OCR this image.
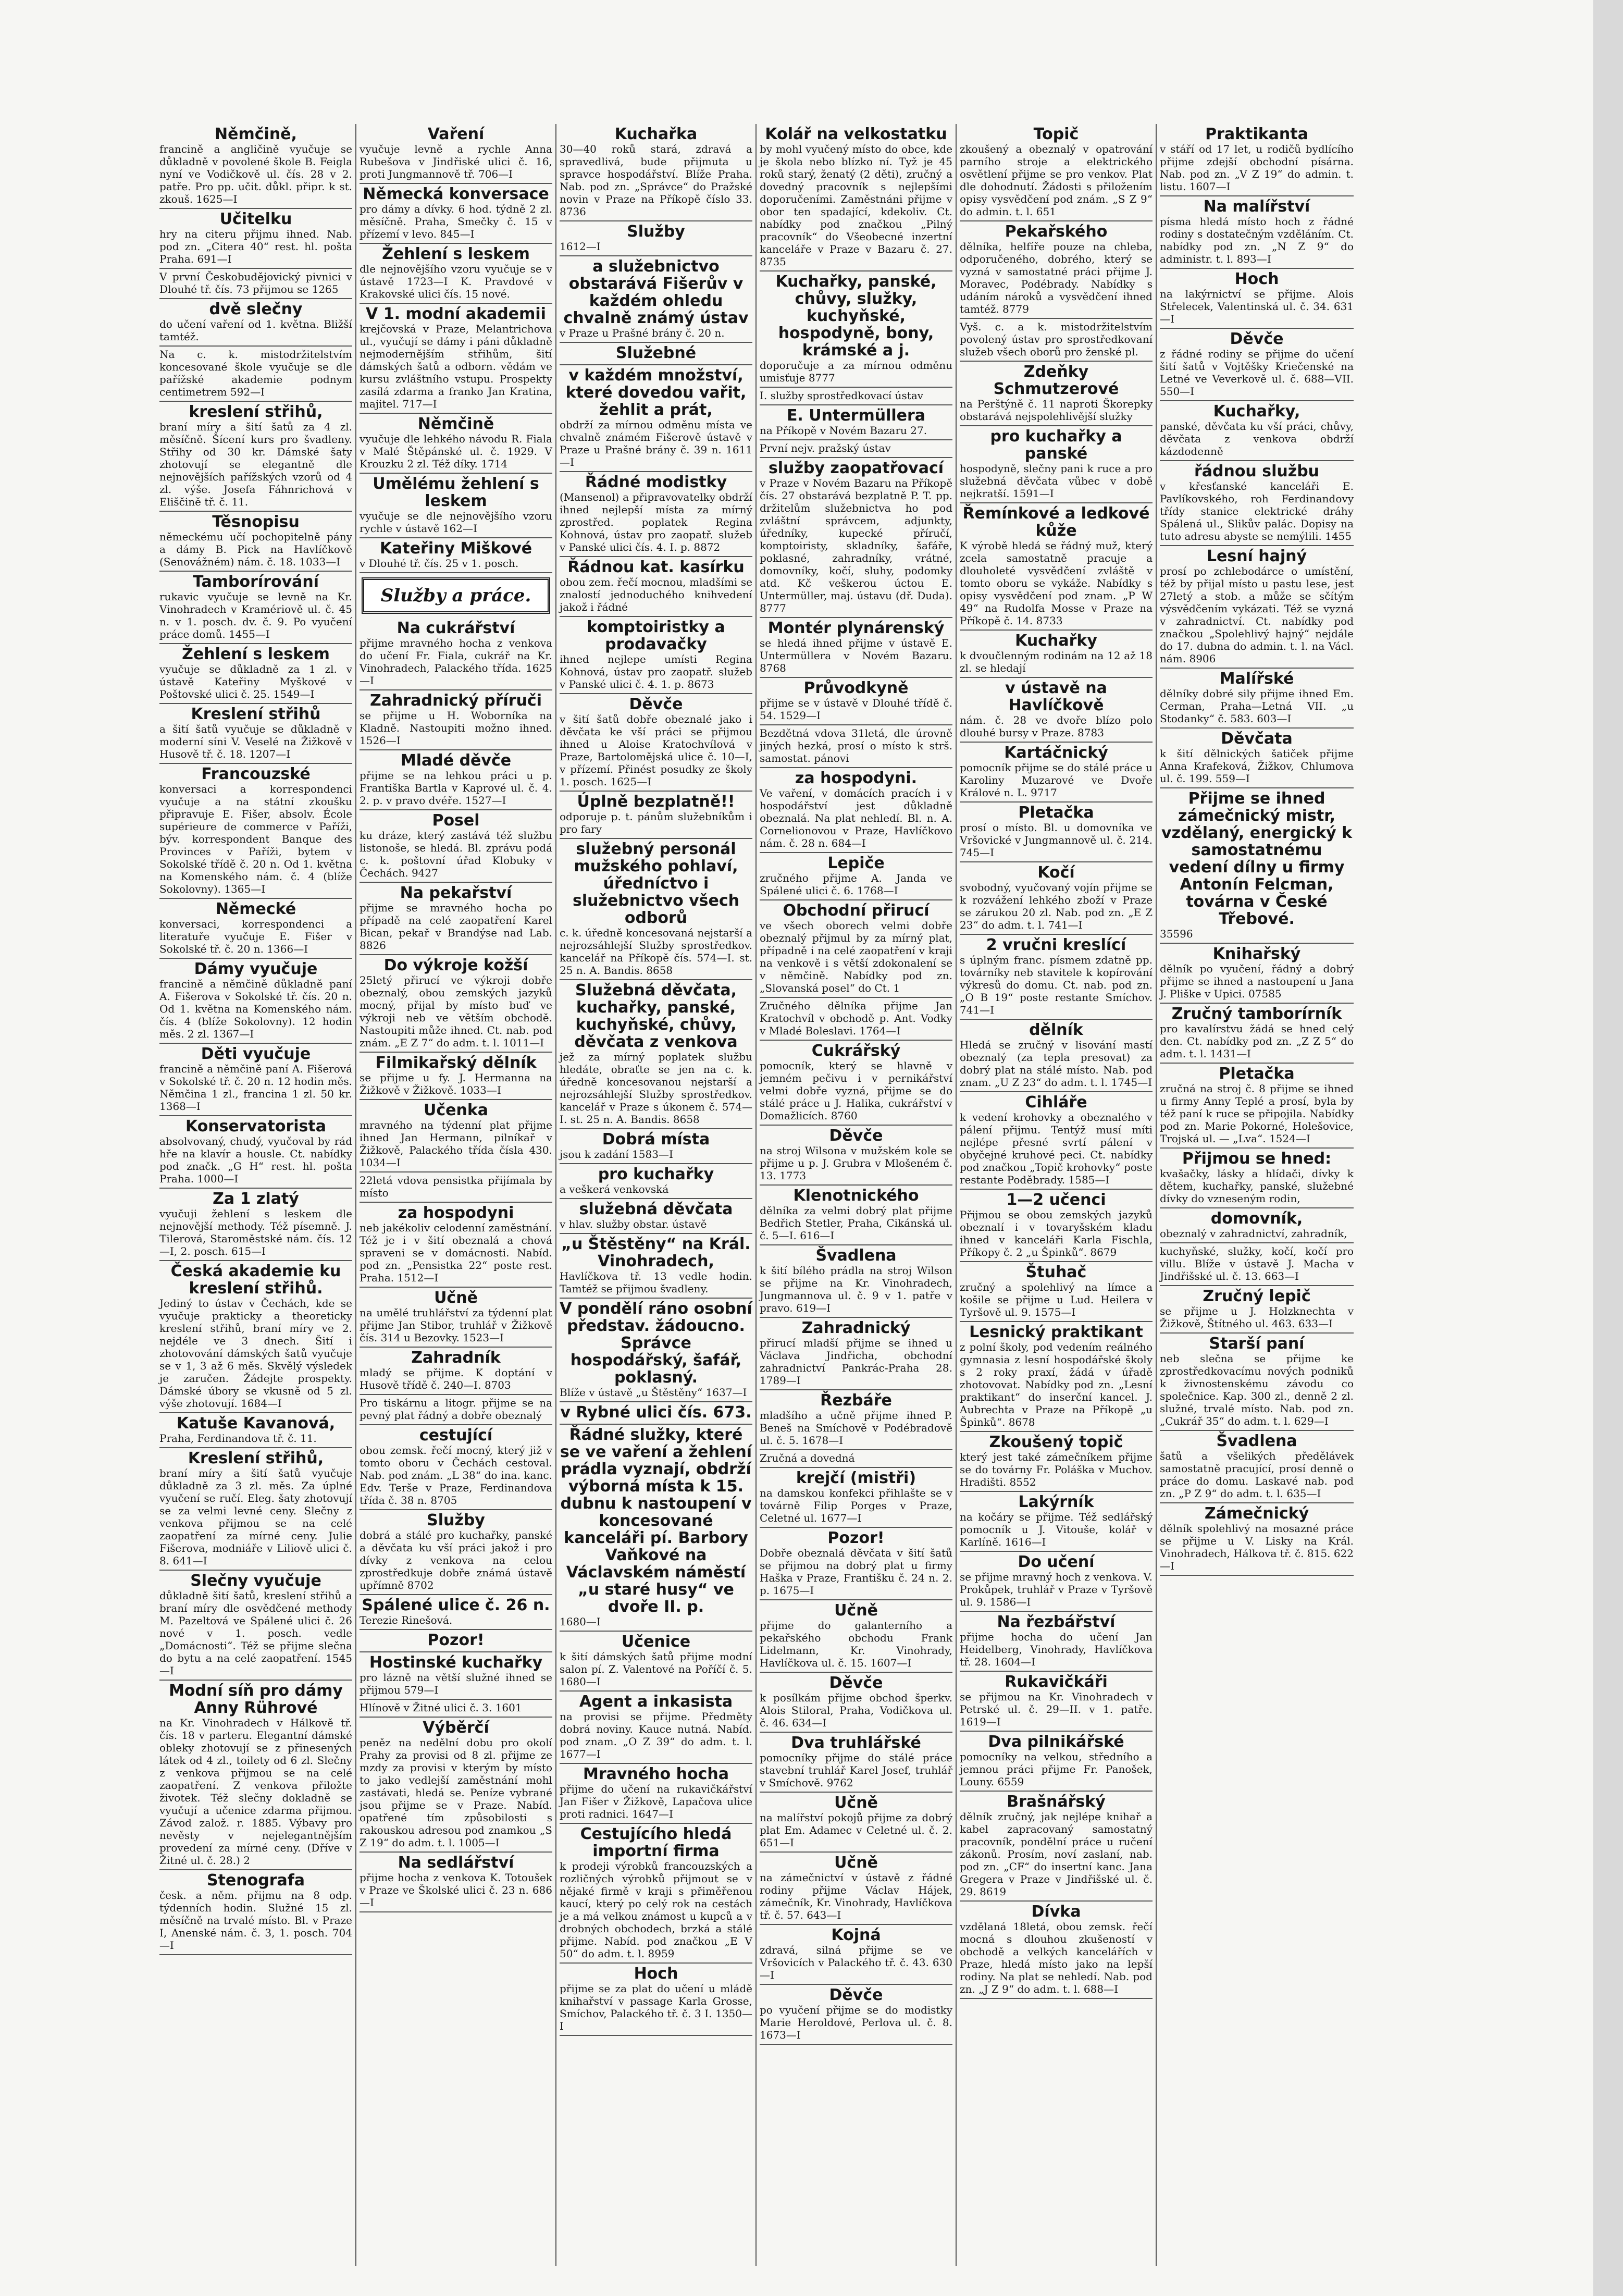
Němčině,

francině a angličině vyučuje se důkladně v povolené škole B. Feigla nyní ve Vodičkově ul. čís. 28 v 2. patře. Pro pp. učit. důkl. připr. k st. zkouš. 1625—I

Učitelku

hry na citeru přijmu ihned. Nab. pod zn. „Citera 40“ rest. hl. pošta Praha. 691—I

V první Českobudějovický pivnici v Dlouhé tř. čís. 73 přijmou se 1265

dvě slečny

do učení vaření od 1. května. Bližší tamtéž.

Na c. k. mistodržitelstvím koncesované škole vyučuje se dle pařížské akademie podnym centimetrem 592—I

kreslení střihů,

braní míry a šití šatů za 4 zl. měsíčně. Šícení kurs pro švadleny. Střihy od 30 kr. Dámské šaty zhotovují se elegantně dle nejnovějších pařížských vzorů od 4 zl. výše. Josefa Fáhnrichová v Eliščině tř. č. 11.

Těsnopisu

německému učí pochopitelně pány a dámy B. Pick na Havlíčkově (Senovážném) nám. č. 18. 1033—I

Tamborírování

rukavic vyučuje se levně na Kr. Vinohradech v Kramériově ul. č. 45 n. v 1. posch. dv. č. 9. Po vyučení práce domů. 1455—I

Žehlení s leskem

vyučuje se důkladně za 1 zl. v ústavě Kateřiny Myškové v Poštovské ulici č. 25. 1549—I

Kreslení střihů

a šití šatů vyučuje se důkladně v moderní síni V. Veselé na Žižkově v Husově tř. č. 18. 1207—I

Francouzské

konversaci a korrespondenci vyučuje a na státní zkoušku připravuje E. Fišer, absolv. École supérieure de commerce v Paříži, býv. korrespondent Banque des Provinces v Paříži, bytem v Sokolské třídě č. 20 n. Od 1. května na Komenského nám. č. 4 (blíže Sokolovny). 1365—I

Německé

konversaci, korrespondenci a literatuře vyučuje E. Fišer v Sokolské tř. č. 20 n. 1366—I

Dámy vyučuje

francině a němčině důkladně paní A. Fišerova v Sokolské tř. čís. 20 n. Od 1. května na Komenského nám. čís. 4 (blíže Sokolovny). 12 hodin měs. 2 zl. 1367—I

Děti vyučuje

francině a němčině paní A. Fišerová v Sokolské tř. č. 20 n. 12 hodin měs. Němčina 1 zl., francina 1 zl. 50 kr. 1368—I

Konservatoristа

absolvovaný, chudý, vyučoval by rád hře na klavír a housle. Ct. nabídky pod značk. „G H“ rest. hl. pošta Praha. 1000—I

Za 1 zlatý

vyučuji žehlení s leskem dle nejnovější methody. Též písemně. J. Tilerová, Staroměstské nám. čís. 12—I, 2. posch. 615—I

Česká akademie ku kreslení střihů.

Jediný to ústav v Čechách, kde se vyučuje prakticky a theoreticky kreslení střihů, braní míry ve 2. nejdéle ve 3 dnech. Šití i zhotovování dámských šatů vyučuje se v 1, 3 až 6 měs. Skvělý výsledek je zaručen. Žádejte prospekty. Dámské úbory se vkusně od 5 zl. výše zhotovují. 1684—I

Katuše Kavanová,

Praha, Ferdinandova tř. č. 11.

Kreslení střihů,

braní míry a šití šatů vyučuje důkladně za 3 zl. měs. Za úplné vyučení se ručí. Eleg. šaty zhotovují se za velmi levné ceny. Slečny z venkova přijmou se na celé zaopatření za mírné ceny. Julie Fišerova, modniáře v Liliově ulici č. 8. 641—I

Slečny vyučuje

důkladně šití šatů, kreslení střihů a braní míry dle osvědčené methody M. Pazeltová ve Spálené ulici č. 26 nové v 1. posch. vedle „Domácnosti“. Též se přijme slečna do bytu a na celé zaopatření. 1545—I

Modní síň pro dámy Anny Rührové

na Kr. Vinohradech v Hálkově tř. čís. 18 v parteru. Elegantní dámské obleky zhotovují se z přinesených látek od 4 zl., toilety od 6 zl. Slečny z venkova přijmou se na celé zaopatření. Z venkova přiložte životek. Též slečny dokladně se vyučují a učenice zdarma přijmou. Závod založ. r. 1885. Výbavy pro nevěsty v nejelegantnějším provedení za mírné ceny. (Dříve v Žitné ul. č. 28.) 2

Stenografa

česk. a něm. přijmu na 8 odp. týdenních hodin. Služné 15 zl. měsíčně na trvalé místo. Bl. v Praze I, Anenské nám. č. 3, 1. posch. 704—I

Vaření

vyučuje levně a rychle Anna Rubešova v Jindřiské ulici č. 16, proti Jungmannově tř. 706—I

Německá konversace

pro dámy a dívky. 6 hod. týdně 2 zl. měsíčně. Praha, Smečky č. 15 v přízemí v levo. 845—I

Žehlení s leskem

dle nejnovějšího vzoru vyučuje se v ústavě 1723—I K. Pravdové v Krakovské ulici čís. 15 nové.

V 1. modní akademii

krejčovská v Praze, Melantrichova ul., vyučují se dámy i páni důkladně nejmodernějším střihům, šití dámských šatů a odborn. vědám ve kursu zvláštního vstupu. Prospekty zasílá zdarma a franko Jan Kratina, majitel. 717—I

Němčině

vyučuje dle lehkého návodu R. Fiala v Malé Štěpánské ul. č. 1929. V Krouzku 2 zl. Též díky. 1714

Umělému žehlení s leskem

vyučuje se dle nejnovějšího vzoru rychle v ústavě 162—I

Kateřiny Miškové

v Dlouhé tř. čís. 25 v 1. posch.

Služby a práce.

Na cukrářství

přijme mravného hocha z venkova do učení Fr. Fiala, cukrář na Kr. Vinohradech, Palackého třída. 1625—I

Zahradnický příruči

se přijme u H. Woborníka na Kladně. Nastoupiti možno ihned. 1526—I

Mladé děvče

přijme se na lehkou práci u p. Františka Bartla v Kaprové ul. č. 4. 2. p. v pravo dvéře. 1527—I

Posel

ku dráze, který zastává též službu listonoše, se hledá. Bl. zprávu podá c. k. poštovní úřad Klobuky v Čechách. 9427

Na pekařství

přijme se mravného hocha po případě na celé zaopatření Karel Bican, pekař v Brandýse nad Lab. 8826

Do výkroje kožší

25letý přirucí ve výkroji dobře obeznalý, obou zemských jazyků mocný, přijal by místo buď ve výkroji neb ve větším obchodě. Nastoupiti může ihned. Ct. nab. pod znám. „E Z 7“ do adm. t. l. 1011—I

Filmikařský dělník

se přijme u fy. J. Hermanna na Žižkově v Žižkově. 1033—I

Učenka

mravného na týdenní plat přijme ihned Jan Hermann, pilníkař v Žižkově, Palackého třída čísla 430. 1034—I

22letá vdova pensistka přijímala by místo

za hospodyni

neb jakékoliv celodenní zaměstnání. Též je i v šití obeznalá a chová spraveni se v domácnosti. Nabíd. pod zn. „Pensistka 22“ poste rest. Praha. 1512—I

Učně

na umělé truhlářství za týdenní plat přijme Jan Stibor, truhlář v Žižkově čís. 314 u Bezovky. 1523—I

Zahradník

mladý se přijme. K doptání v Husově třídě č. 240—I. 8703

Pro tiskárnu a litogr. přijme se na pevný plat řádný a dobře obeznalý

cestující

obou zemsk. řečí mocný, který již v tomto oboru v Čechách cestoval. Nab. pod znám. „L 38“ do ina. kanc. Edv. Terše v Praze, Ferdinandova třída č. 38 n. 8705

Služby

dobrá a stálé pro kuchařky, panské a děvčata ku vší práci jakož i pro dívky z venkova na celou zprostředkuje dobře známá ústavě upřímně 8702

Spálené ulice č. 26 n.

Terezie Rinešová.

Pozor!

Hostinské kuchařky

pro lázně na větší služné ihned se přijmou 579—I

Hlínově v Žitné ulici č. 3. 1601

Výběrčí

peněz na nedělní dobu pro okolí Prahy za provisi od 8 zl. přijme ze mzdy za provisi v kterým by místo to jako vedlejší zaměstnání mohl zastávati, hledá se. Peníze vybrané jsou přijme se v Praze. Nabíd. opatřené tím způsobilosti s rakouskou adresou pod znamkou „S Z 19“ do adm. t. l. 1005—I

Na sedlářství

přijme hocha z venkova K. Totoušek v Praze ve Školské ulici č. 23 n. 686—I

Kuchařka

30—40 roků stará, zdravá a spravedlivá, bude přijmuta u spravce hospodářství. Blíže Praha. Nab. pod zn. „Správce“ do Pražské novin v Praze na Příkopě číslo 33. 8736

Služby

1612—I

a služebnictvo obstarává Fišerův v každém ohledu chvalně známý ústav

v Praze u Prašné brány č. 20 n.

Služebné

v každém množství, které dovedou vařit, žehlit a prát,

obdrží za mírnou odměnu místa ve chvalně známém Fišerově ústavě v Praze u Prašné brány č. 39 n. 1611—I

Řádné modistky

(Mansenol) a připravovatelky obdrží ihned nejlepší místa za mírný zprostřed. poplatek Regina Kohnová, ústav pro zaopatř. služeb v Panské ulici čís. 4. I. p. 8872

Řádnou kat. kasírku

obou zem. řečí mocnou, mladšími se znalostí jednoduchého knihvedení jakož i řádné

komptoiristky a prodavačky

ihned nejlepe umísti Regina Kohnová, ústav pro zaopatř. služeb v Panské ulici č. 4. 1. p. 8673

Děvče

v šití šatů dobře obeznalé jako i děvčata ke vší práci se přijmou ihned u Aloise Kratochvílová v Praze, Bartolomějská ulice č. 10—I, v přízemí. Přinést posudky ze školy 1. posch. 1625—I

Úplně bezplatně!!

odporuje p. t. pánům služebníkům i pro fary

služebný personál mužského pohlaví, úředníctvo i služebnictvo všech odborů

c. k. úředně koncesovaná nejstarší a nejrozsáhlejší Služby sprostředkov. kancelář na Příkopě čís. 574—I. st. 25 n. A. Bandis. 8658

Služebná děvčata, kuchařky, panské, kuchyňské, chůvy, děvčata z venkova

jež za mírný poplatek službu hledáte, obraťte se jen na c. k. úředně koncesovanou nejstarší a nejrozsáhlejší Služby sprostředkov. kancelář v Praze s úkonem č. 574—I. st. 25 n. A. Bandis. 8658

Dobrá místa

jsou k zadání 1583—I

pro kuchařky

a veškerá venkovská

služebná děvčata

v hlav. služby obstar. ústavě

„u Štěstěny“ na Král. Vinohradech,

Havlíčkova tř. 13 vedle hodin. Tamtéž se přijmou švadleny.

V pondělí ráno osobní představ. žádoucno. Správce hospodářský, šafář, poklasný.

Blíže v ústavě „u Štěstěny“ 1637—I

v Rybné ulici čís. 673.

Řádné služky, které se ve vaření a žehlení prádla vyznají, obdrží výborná místa k 15. dubnu k nastoupení v koncesované kanceláři pí. Barbory Vaňkové na Václavském náměstí „u staré husy“ ve dvoře II. p.

1680—I

Učenice

k šití dámských šatů přijme modní salon pí. Z. Valentové na Poříčí č. 5. 1680—I

Agent a inkasista

na provisi se přijme. Předměty dobrá noviny. Kauce nutná. Nabíd. pod znam. „O Z 39“ do adm. t. l. 1677—I

Mravného hocha

přijme do učení na rukavičkářství Jan Fišer v Žižkově, Lapačova ulice proti radnici. 1647—I

Cestujícího hledá importní firma

k prodeji výrobků francouzských a rozličných výrobků přijmout se v nějaké firmě v kraji s přiměřenou kaucí, který po celý rok na cestách je a má velkou známost u kupců a v drobných obchodech, brzká a stálé přijme. Nabíd. pod značkou „E V 50“ do adm. t. l. 8959

Hoch

přijme se za plat do učení u mládě knihařství v passage Karla Grosse, Smíchov, Palackého tř. č. 3 I. 1350—I

Kolář na velkostatku

by mohl vyučený místo do obce, kde je škola nebo blízko ní. Tyž je 45 roků starý, ženatý (2 děti), zručný a dovedný pracovník s nejlepšími doporučeními. Zaměstnáni přijme v obor ten spadající, kdekoliv. Ct. nabídky pod značkou „Pilný pracovník“ do Všeobecné inzertní kanceláře v Praze v Bazaru č. 27. 8735

Kuchařky, panské, chůvy, služky, kuchyňské, hospodyně, bony, krámské a j.

doporučuje a za mírnou odměnu umisťuje 8777

I. služby sprostředkovací ústav

E. Untermüllera

na Příkopě v Novém Bazaru 27.

První nejv. pražský ústav

služby zaopatřovací

v Praze v Novém Bazaru na Příkopě čís. 27 obstarává bezplatně P. T. pp. držitelům služebnictva ho pod zvláštní správcem, adjunkty, úředníky, kupecké příručí, komptoiristy, skladníky, šafáře, poklasné, zahradníky, vrátné, domovníky, kočí, sluhy, podomky atd. Kč veškerou úctou E. Untermüller, maj. ústavu (dř. Duda). 8777

Montér plynárenský

se hledá ihned přijme v ústavě E. Untermüllera v Novém Bazaru. 8768

Průvodkyně

přijme se v ústavě v Dlouhé třídě č. 54. 1529—I

Bezdětná vdova 31letá, dle úrovně jiných hezká, prosí o místo k strš. samostat. pánovi

za hospodyni.

Ve vaření, v domácích pracích i v hospodářství jest důkladně obeznalá. Na plat nehledí. Bl. n. A. Cornelionovou v Praze, Havlíčkovo nám. č. 28 n. 684—I

Lepiče

zručného přijme A. Janda ve Spálené ulici č. 6. 1768—I

Obchodní přirucí

ve všech oborech velmi dobře obeznalý přijmul by za mírný plat, případně i na celé zaopatření v kraji na venkově i s větší zdokonalení se v němčině. Nabídky pod zn. „Slovanská posel“ do Ct. 1

Zručného dělníka přijme Jan Kratochvíl v obchodě p. Ant. Vodky v Mladé Boleslavi. 1764—I

Cukrářský

pomocník, který se hlavně v jemném pečivu i v pernikářství velmi dobře vyzná, přijme se do stálé práce u J. Halika, cukrářství v Domažlicích. 8760

Děvče

na stroj Wilsona v mužském kole se přijme u p. J. Grubra v Mlošeném č. 13. 1773

Klenotnického

dělníka za velmi dobrý plat přijme Bedřich Stetler, Praha, Cikánská ul. č. 5—I. 616—I

Švadlena

k šití bílého prádla na stroj Wilson se přijme na Kr. Vinohradech, Jungmannova ul. č. 9 v 1. patře v pravo. 619—I

Zahradnický

přirucí mladší přijme se ihned u Václava Jindřicha, obchodní zahradnictví Pankrác-Praha 28. 1789—I

Řezbáře

mladšího a učně přijme ihned P. Beneš na Smíchově v Podébradově ul. č. 5. 1678—I

Zručná a dovedná

krejčí (mistři)

na damskou konfekci přihlašte se v továrně Filip Porges v Praze, Celetné ul. 1677—I

Pozor!

Dobře obeznalá děvčata v šití šatů se přijmou na dobrý plat u firmy Haška v Praze, Františku č. 24 n. 2. p. 1675—I

Učně

přijme do galanterního a pekařského obchodu Frank Lidelmann, Kr. Vinohrady, Havlíčkova ul. č. 15. 1607—I

Děvče

k posílkám přijme obchod šperkv. Alois Stiloral, Praha, Vodičkova ul. č. 46. 634—I

Dva truhlářské

pomocníky přijme do stálé práce stavební truhlář Karel Josef, truhlář v Smíchově. 9762

Učně

na malířství pokojů přijme za dobrý plat Em. Adamec v Celetné ul. č. 2. 651—I

Učně

na zámečnictví v ústavě z řádné rodiny přijme Václav Hájek, zámečník, Kr. Vinohrady, Havlíčkova tř. č. 57. 643—I

Kojná

zdravá, silná přijme se ve Vršovicích v Palackého tř. č. 43. 630—I

Děvče

po vyučení přijme se do modistky Marie Heroldové, Perlova ul. č. 8. 1673—I

Topič

zkoušený a obeznalý v opatrování parního stroje a elektrického osvětlení přijme se pro venkov. Plat dle dohodnutí. Žádosti s přiložením opisy vysvědčení pod znám. „S Z 9“ do admin. t. l. 651

Pekařského

dělníka, helfíře pouze na chleba, odporučeného, dobrého, který se vyzná v samostatné práci přijme J. Moravec, Podébrady. Nabídky s udáním nároků a vysvědčení ihned tamtéž. 8779

Vyš. c. a k. mistodržitelstvím povolený ústav pro sprostředkovaní služeb všech oborů pro ženské pl.

Zdeňky Schmutzerové

na Perštýně č. 11 naproti Škorepky obstarává nejspolehlivější služky

pro kuchařky a panské

hospodyně, slečny pani k ruce a pro služebná děvčata vůbec v době nejkratší. 1591—I

Řemínkové a ledkové kůže

K výrobě hledá se řádný muž, který zcela samostatně pracuje a dlouholeté vysvědčení zvláště v tomto oboru se vykáže. Nabídky s opisy vysvědčení pod znam. „P W 49“ na Rudolfa Mosse v Praze na Příkopě č. 14. 8733

Kuchařky

k dvoučlenným rodinám na 12 až 18 zl. se hledají

v ústavě na Havlíčkově

nám. č. 28 ve dvoře blízo polo dlouhé bursy v Praze. 8783

Kartáčnický

pomocník přijme se do stálé práce u Karoliny Muzarové ve Dvoře Králové n. L. 9717

Pletačka

prosí o místo. Bl. u domovníka ve Vršovické v Jungmannově ul. č. 214. 745—I

Kočí

svobodný, vyučovaný vojín přijme se k rozvážení lehkého zboží v Praze se zárukou 20 zl. Nab. pod zn. „E Z 23“ do adm. t. l. 741—I

2 vručni kreslící

s úplným franc. písmem zdatně pp. továrníky neb stavitele k kopírování výkresů do domu. Ct. nab. pod zn. „O B 19“ poste restante Smíchov. 741—I

dělník

Hledá se zručný v lisování mastí obeznalý (za tepla presovat) za dobrý plat na stálé místo. Nab. pod znam. „U Z 23“ do adm. t. l. 1745—I

Cihláře

k vedení krohovky a obeznalého v pálení přijmu. Tentýž musí míti nejlépe přesné svrtí pálení v obyčejné kruhové peci. Ct. nabídky pod značkou „Topič krohovky“ poste restante Poděbrady. 1585—I

1—2 učenci

Přijmou se obou zemských jazyků obeznalí i v tovaryšském kladu ihned v kanceláři Karla Fischla, Příkopy č. 2 „u Špinků“. 8679

Štuhač

zručný a spolehlivý na límce a košile se přijme u Lud. Heilera v Tyršově ul. 9. 1575—I

Lesnický praktikant

z polní školy, pod vedením reálného gymnasia z lesní hospodářské školy s 2 roky praxí, žádá v úřadě zhotovovat. Nabídky pod zn. „Lesní praktikant“ do inserční kancel. J. Aubrechta v Praze na Příkopě „u Špinků“. 8678

Zkoušený topič

který jest také zámečníkem přijme se do továrny Fr. Poláška v Muchov. Hradišti. 8552

Lakýrník

na kočáry se přijme. Též sedlářský pomocník u J. Vitouše, kolář v Karlíně. 1616—I

Do učení

se přijme mravný hoch z venkova. V. Prokůpek, truhlář v Praze v Tyršově ul. 9. 1586—I

Na řezbářství

přijme hocha do učení Jan Heidelberg, Vinohrady, Havlíčkova tř. 28. 1604—I

Rukavičkáři

se přijmou na Kr. Vinohradech v Petrské ul. č. 29—II. v 1. patře. 1619—I

Dva pilnikářské

pomocníky na velkou, středního a jemnou práci přijme Fr. Panošek, Louny. 6559

Brašnářský

dělník zručný, jak nejlépe knihař a kabel zapracovaný samostatný pracovník, pondělní práce u ručení zákonů. Prosím, noví zaslaní, nab. pod zn. „CF“ do insertní kanc. Jana Gregera v Praze v Jindřišské ul. č. 29. 8619

Dívka

vzdělaná 18letá, obou zemsk. řečí mocná s dlouhou zkušeností v obchodě a velkých kancelářích v Praze, hledá místo jako na lepší rodiny. Na plat se nehledí. Nab. pod zn. „J Z 9“ do adm. t. l. 688—I

Praktikanta

v stáří od 17 let, u rodičů bydlícího přijme zdejší obchodní písárna. Nab. pod zn. „V Z 19“ do admin. t. listu. 1607—I

Na malířství

písma hledá místo hoch z řádné rodiny s dostatečným vzděláním. Ct. nabídky pod zn. „N Z 9“ do administr. t. l. 893—I

Hoch

na lakýrnictví se přijme. Alois Střelecek, Valentinská ul. č. 34. 631—I

Děvče

z řádné rodiny se přijme do učení šití šatů v Vojtěšky Kriečenské na Letné ve Veverkově ul. č. 688—VII. 550—I

Kuchařky,

panské, děvčata ku vší práci, chůvy, děvčata z venkova obdrží kázdodenně

řádnou službu

v křesťanské kanceláři E. Pavlíkovského, roh Ferdinandovy třídy stanice elektrické dráhy Spálená ul., Slikův palác. Dopisy na tuto adresu abyste se nemýlili. 1455

Lesní hajný

prosí po zchlebodárce o umístění, též by přijal místo u pastu lese, jest 27letý a stob. a může se sčítým výsvědčením vykázati. Též se vyzná v zahradnictví. Ct. nabídky pod značkou „Spolehlivý hajný“ nejdále do 17. dubna do admin. t. l. na Václ. nám. 8906

Malířské

dělníky dobré sily přijme ihned Em. Cerman, Praha—Letná VII. „u Stodanky“ č. 583. 603—I

Děvčata

k šití dělnických šatiček přijme Anna Krafeková, Žižkov, Chlumova ul. č. 199. 559—I

Přijme se ihned zámečnický mistr, vzdělaný, energický k samostatnému vedení dílny u firmy Antonín Felcman, továrna v České Třebové.

35596

Knihařský

dělník po vyučení, řádný a dobrý přijme se ihned a nastoupení u Jana J. Pliške v Upici. 07585

Zručný tamborírník

pro kavalírstvu žádá se hned celý den. Ct. nabídky pod zn. „Z Z 5“ do adm. t. l. 1431—I

Pletačka

zručná na stroj č. 8 přijme se ihned u firmy Anny Teplé a prosí, byla by též paní k ruce se připojila. Nabídky pod zn. Marie Pokorné, Holešovice, Trojská ul. — „Lva“. 1524—I

Přijmou se hned:

kvašačky, lásky a hlídači, dívky k dětem, kuchařky, panské, služebné dívky do vzneseným rodin,

domovník,

obeznalý v zahradnictví, zahradník,

kuchyňské, služky, kočí, kočí pro villu. Blíže v ústavě J. Macha v Jindřišské ul. č. 13. 663—I

Zručný lepič

se přijme u J. Holzknechta v Žižkově, Štítného ul. 463. 633—I

Starší paní

neb slečna se přijme ke zprostředkovacímu nových podniků k živnostenskému závodu co společnice. Kap. 300 zl., denně 2 zl. služné, trvalé místo. Nab. pod zn. „Cukrář 35“ do adm. t. l. 629—I

Švadlena

šatů a všelikých předělávek samostatně pracující, prosí denně o práce do domu. Laskavé nab. pod zn. „P Z 9“ do adm. t. l. 635—I

Zámečnický

dělník spolehlivý na mosazné práce se přijme u V. Lisky na Král. Vinohradech, Hálkova tř. č. 815. 622—I
